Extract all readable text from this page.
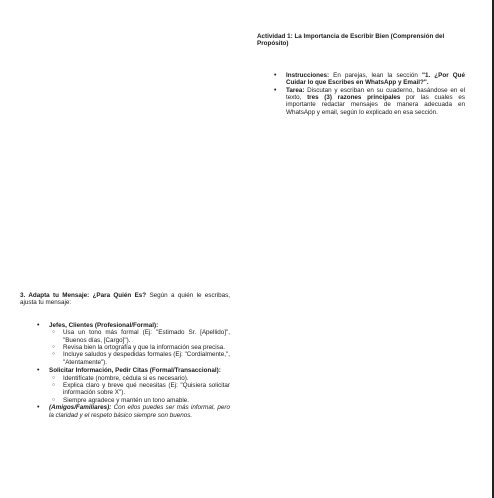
Actividad 1: La Importancia de Escribir Bien (Comprensión del Propósito)

• Instrucciones: En parejas, lean la sección "1. ¿Por Qué Cuidar lo que Escribes en WhatsApp y Email?".
• Tarea: Discutan y escriban en su cuaderno, basándose en el texto, tres (3) razones principales por las cuales es importante redactar mensajes de manera adecuada en WhatsApp y email, según lo explicado en esa sección.

3. Adapta tu Mensaje: ¿Para Quién Es? Según a quién le escribas, ajusta tu mensaje:

• Jefes, Clientes (Profesional/Formal):
○ Usa un tono más formal (Ej: "Estimado Sr. [Apellido]", "Buenos días, [Cargo]").
○ Revisa bien la ortografía y que la información sea precisa.
○ Incluye saludos y despedidas formales (Ej: "Cordialmente,", "Atentamente").
• Solicitar Información, Pedir Citas (Formal/Transaccional):
○ Identifícate (nombre, cédula si es necesario).
○ Explica claro y breve qué necesitas (Ej: "Quisiera solicitar información sobre X").
○ Siempre agradece y mantén un tono amable.
• (Amigos/Familiares): Con ellos puedes ser más informal, pero la claridad y el respeto básico siempre son buenos.
